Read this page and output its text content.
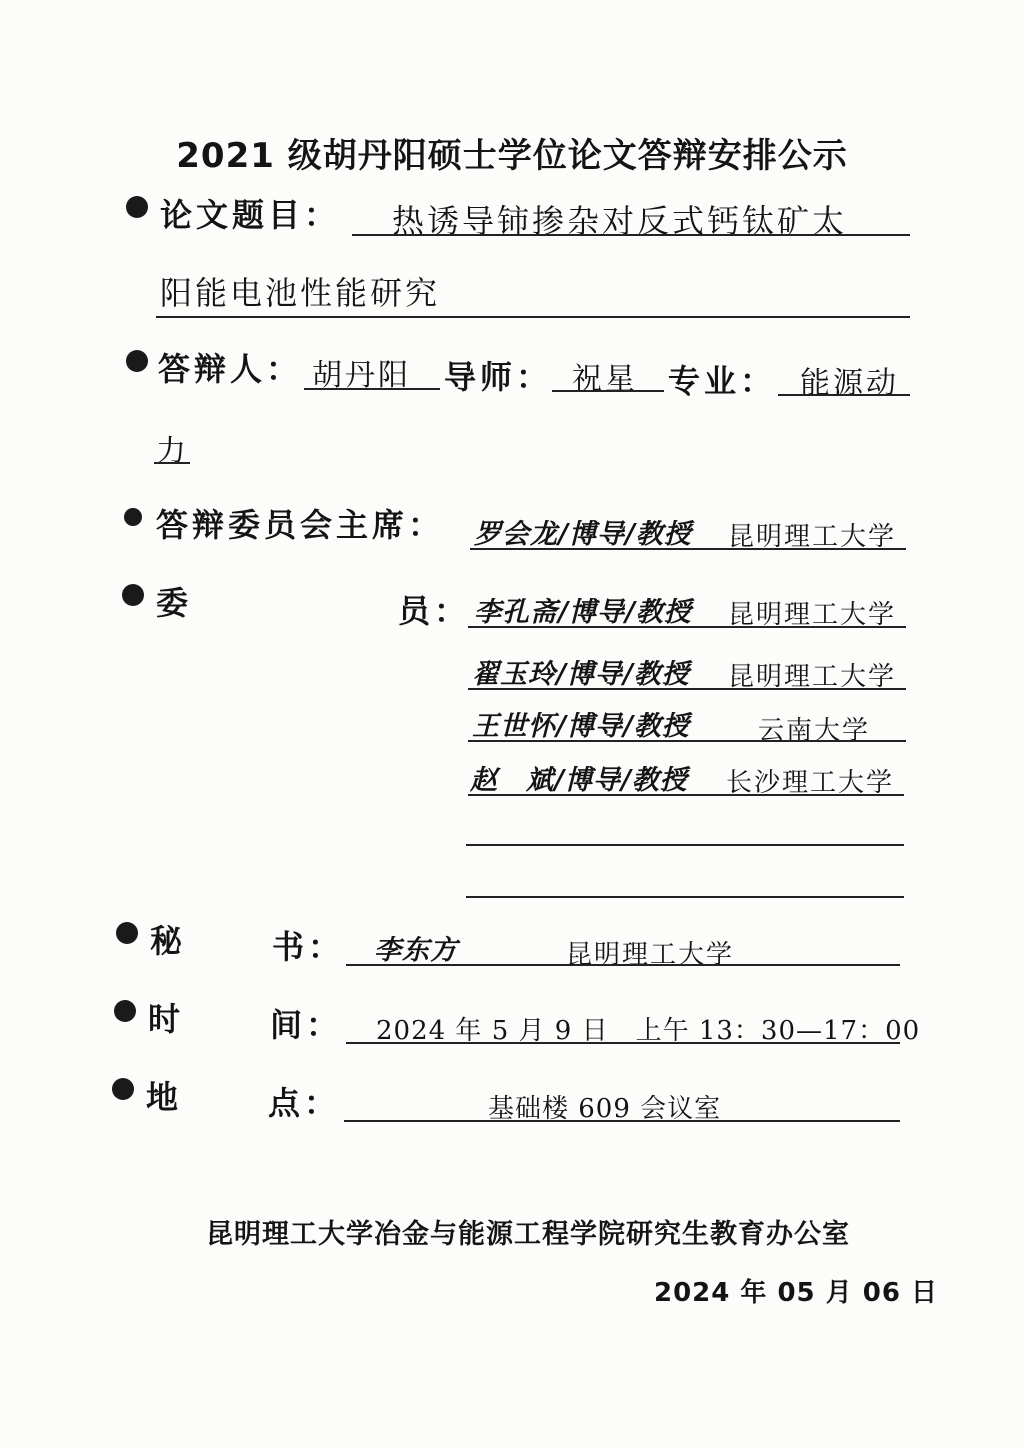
2021 级胡丹阳硕士学位论文答辩安排公示
论文题目： 热诱导铈掺杂对反式钙钛矿太
阳能电池性能研究
答辩人： 胡丹阳 导师： 祝星 专业： 能源动
力
答辩委员会主席： 罗会龙/博导/教授 昆明理工大学
委	员： 李孔斋/博导/教授 昆明理工大学
翟玉玲/博导/教授 昆明理工大学
王世怀/博导/教授	云南大学
赵　斌/博导/教授 长沙理工大学
秘	书： 李东方	昆明理工大学
时	间： 2024 年 5 月 9 日　上午 13：30—17：00
地	点：	基础楼 609 会议室
昆明理工大学冶金与能源工程学院研究生教育办公室
2024 年 05 月 06 日
